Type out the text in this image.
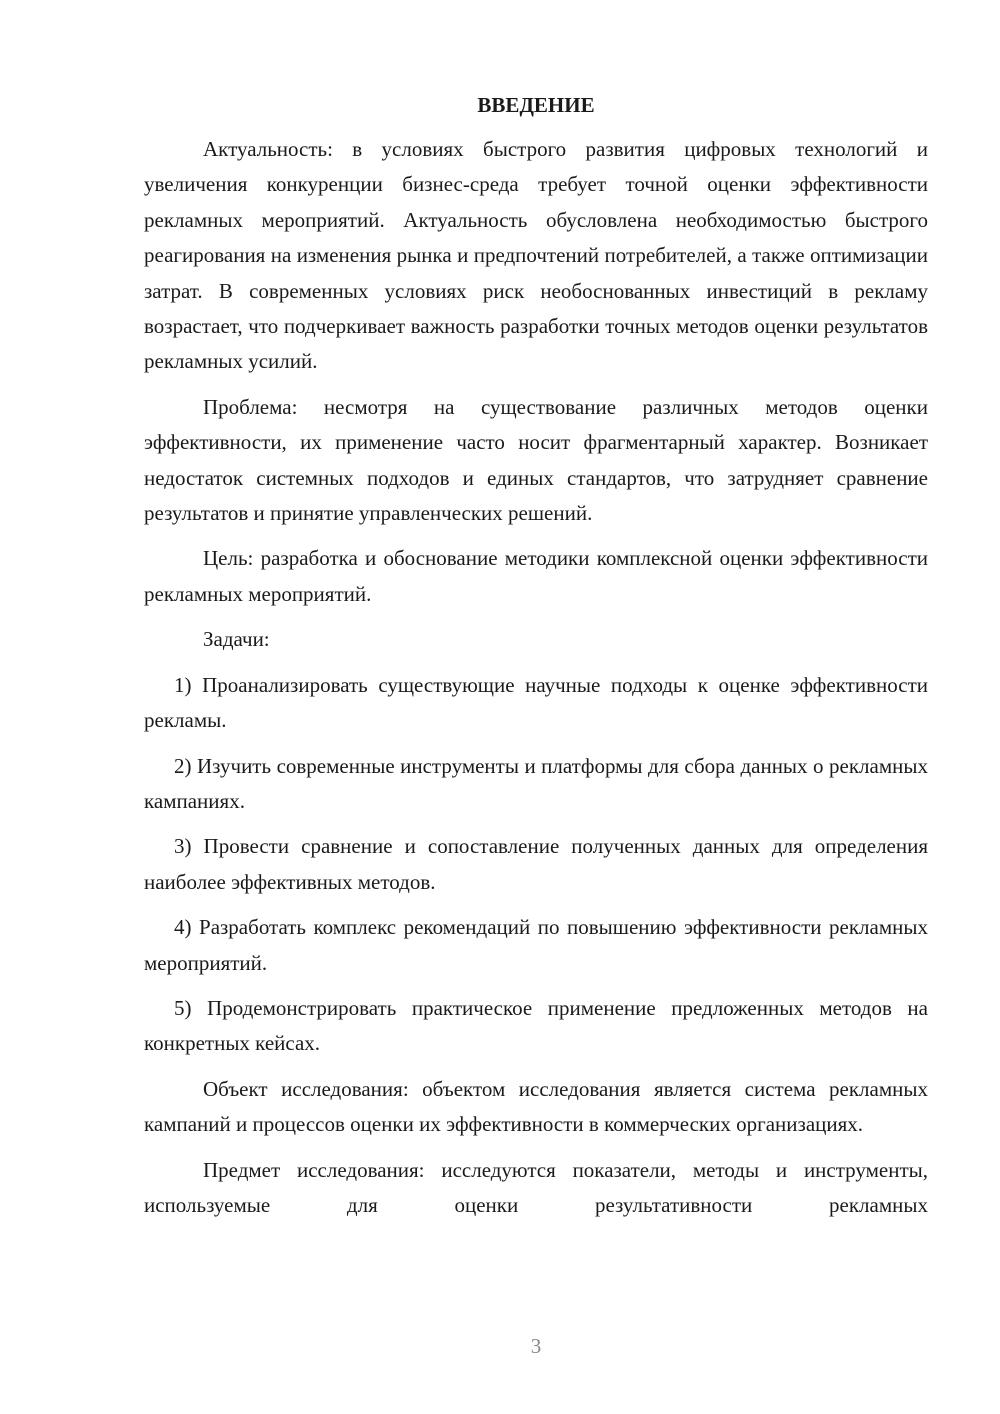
ВВЕДЕНИЕ

Актуальность: в условиях быстрого развития цифровых технологий и увеличения конкуренции бизнес-среда требует точной оценки эффективности рекламных мероприятий. Актуальность обусловлена необходимостью быстрого реагирования на изменения рынка и предпочтений потребителей, а также оптимизации затрат. В современных условиях риск необоснованных инвестиций в рекламу возрастает, что подчеркивает важность разработки точных методов оценки результатов рекламных усилий.

Проблема: несмотря на существование различных методов оценки эффективности, их применение часто носит фрагментарный характер. Возникает недостаток системных подходов и единых стандартов, что затрудняет сравнение результатов и принятие управленческих решений.

Цель: разработка и обоснование методики комплексной оценки эффективности рекламных мероприятий.

Задачи:

1) Проанализировать существующие научные подходы к оценке эффективности рекламы.

2) Изучить современные инструменты и платформы для сбора данных о рекламных кампаниях.

3) Провести сравнение и сопоставление полученных данных для определения наиболее эффективных методов.

4) Разработать комплекс рекомендаций по повышению эффективности рекламных мероприятий.

5) Продемонстрировать практическое применение предложенных методов на конкретных кейсах.

Объект исследования: объектом исследования является система рекламных кампаний и процессов оценки их эффективности в коммерческих организациях.

Предмет исследования: исследуются показатели, методы и инструменты, используемые для оценки результативности рекламных

3
